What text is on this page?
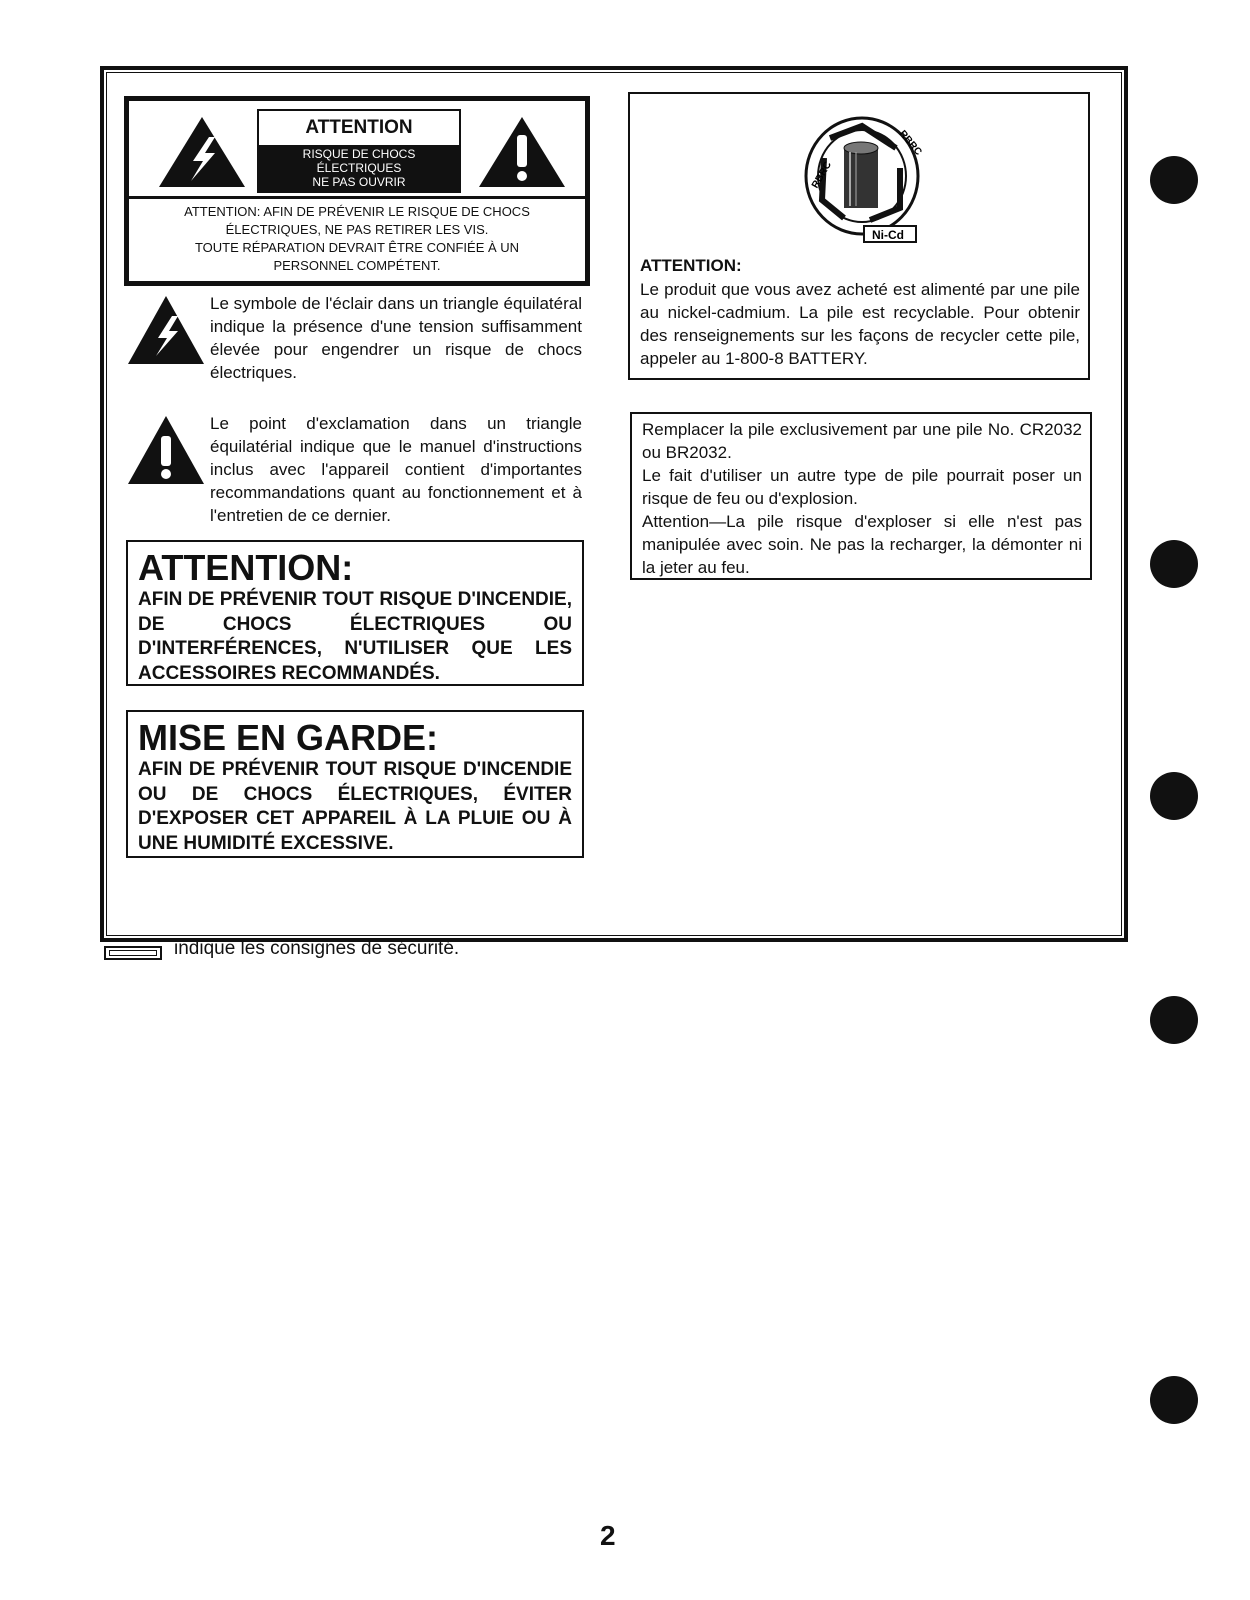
ATTENTION
RISQUE DE CHOCS
ÉLECTRIQUES
NE PAS OUVRIR
ATTENTION: AFIN DE PRÉVENIR LE RISQUE DE CHOCS
ÉLECTRIQUES, NE PAS RETIRER LES VIS.
TOUTE RÉPARATION DEVRAIT ÊTRE CONFIÉE À UN
PERSONNEL COMPÉTENT.
Le symbole de l'éclair dans un triangle équilatéral indique la présence d'une tension suffisamment élevée pour engendrer un risque de chocs électriques.
Le point d'exclamation dans un triangle équilatérial indique que le manuel d'instructions inclus avec l'appareil contient d'importantes recommandations quant au fonctionnement et à l'entretien de ce dernier.
ATTENTION:
AFIN DE PRÉVENIR TOUT RISQUE D'INCENDIE, DE CHOCS ÉLECTRIQUES OU D'INTERFÉRENCES, N'UTILISER QUE LES ACCESSOIRES RECOMMANDÉS.
MISE EN GARDE:
AFIN DE PRÉVENIR TOUT RISQUE D'INCENDIE OU DE CHOCS ÉLECTRIQUES, ÉVITER D'EXPOSER CET APPAREIL À LA PLUIE OU À UNE HUMIDITÉ EXCESSIVE.
RBRC
RBRC
Ni-Cd
ATTENTION:
Le produit que vous avez acheté est alimenté par une pile au nickel-cadmium. La pile est recyclable. Pour obtenir des renseignements sur les façons de recycler cette pile, appeler au 1-800-8 BATTERY.
Remplacer la pile exclusivement par une pile No. CR2032 ou BR2032.
Le fait d'utiliser un autre type de pile pourrait poser un risque de feu ou d'explosion.
Attention—La pile risque d'exploser si elle n'est pas manipulée avec soin. Ne pas la recharger, la démonter ni la jeter au feu.
indique les consignes de sécurité.
2
